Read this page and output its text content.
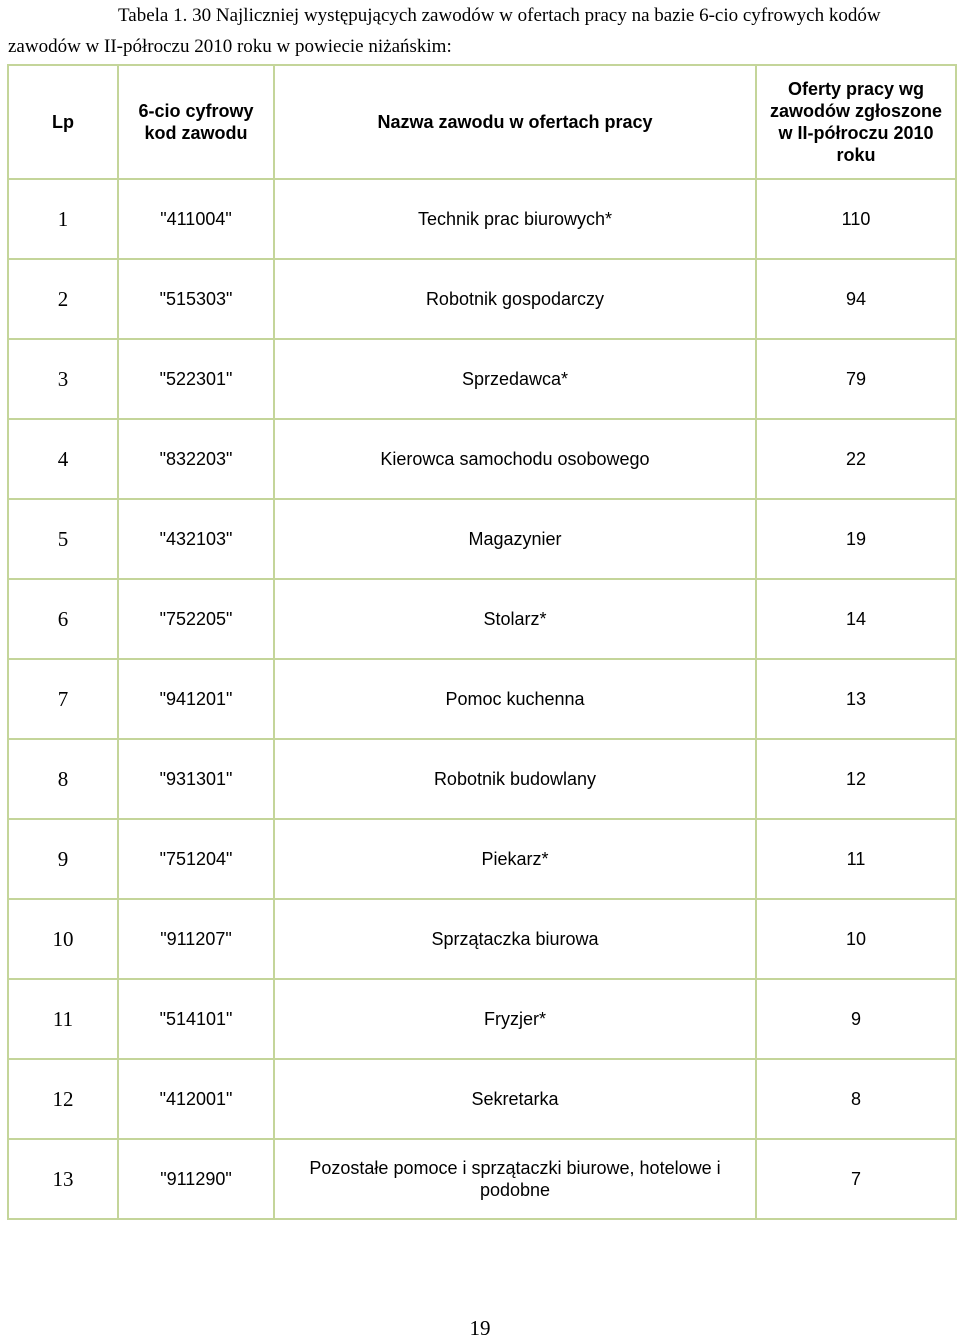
Tabela 1. 30 Najliczniej występujących zawodów w ofertach pracy na bazie 6-cio cyfrowych kodów
zawodów w II-półroczu 2010 roku w powiecie niżańskim:
Lp	6-cio cyfrowy kod zawodu	Nazwa zawodu w ofertach pracy	Oferty pracy wg zawodów zgłoszone w II-półroczu 2010 roku
1	"411004"	Technik prac biurowych*	110
2	"515303"	Robotnik gospodarczy	94
3	"522301"	Sprzedawca*	79
4	"832203"	Kierowca samochodu osobowego	22
5	"432103"	Magazynier	19
6	"752205"	Stolarz*	14
7	"941201"	Pomoc kuchenna	13
8	"931301"	Robotnik budowlany	12
9	"751204"	Piekarz*	11
10	"911207"	Sprzątaczka biurowa	10
11	"514101"	Fryzjer*	9
12	"412001"	Sekretarka	8
13	"911290"	Pozostałe pomoce i sprzątaczki biurowe, hotelowe i podobne	7
19
